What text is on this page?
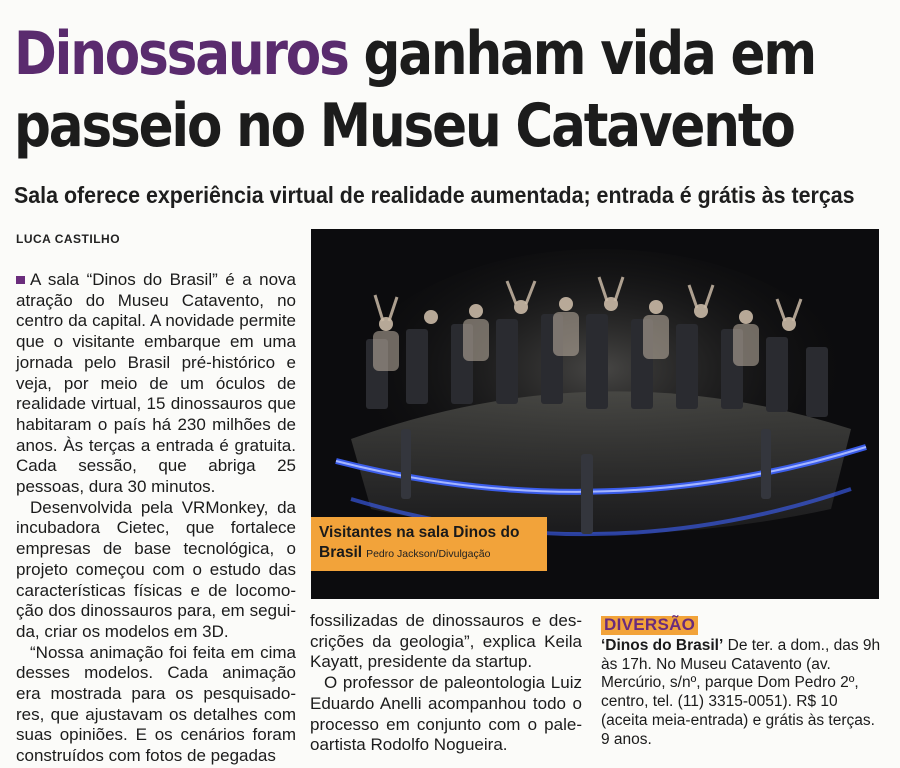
Dinossauros ganham vida em
passeio no Museu Catavento
Sala oferece experiência virtual de realidade aumentada; entrada é grátis às terças
LUCA CASTILHO

A sala “Dinos do Brasil” é a nova atração do Museu Catavento, no centro da capital. A novidade permite que o visitante embarque em uma jornada pelo Brasil pré-histórico e veja, por meio de um óculos de realidade virtual, 15 dinossauros que habitaram o país há 230 milhões de anos. Às terças a entrada é gratuita. Cada sessão, que abriga 25 pessoas, dura 30 minutos.

Desenvolvida pela VRMonkey, da incubadora Cietec, que fortalece empresas de base tecnológica, o projeto começou com o estudo das características físicas e de locomoção dos dinossauros para, em seguida, criar os modelos em 3D.

“Nossa animação foi feita em cima desses modelos. Cada animação era mostrada para os pesquisadores, que ajustavam os detalhes com suas opiniões. E os cenários foram construídos com fotos de pegadas

Visitantes na sala Dinos do Brasil Pedro Jackson/Divulgação

fossilizadas de dinossauros e descrições da geologia”, explica Keila Kayatt, presidente da startup.

O professor de paleontologia Luiz Eduardo Anelli acompanhou todo o processo em conjunto com o paleoartista Rodolfo Nogueira.

DIVERSÃO
‘Dinos do Brasil’ De ter. a dom., das 9h às 17h. No Museu Catavento (av. Mercúrio, s/nº, parque Dom Pedro 2º, centro, tel. (11) 3315-0051). R$ 10 (aceita meia-entrada) e grátis às terças. 9 anos.
